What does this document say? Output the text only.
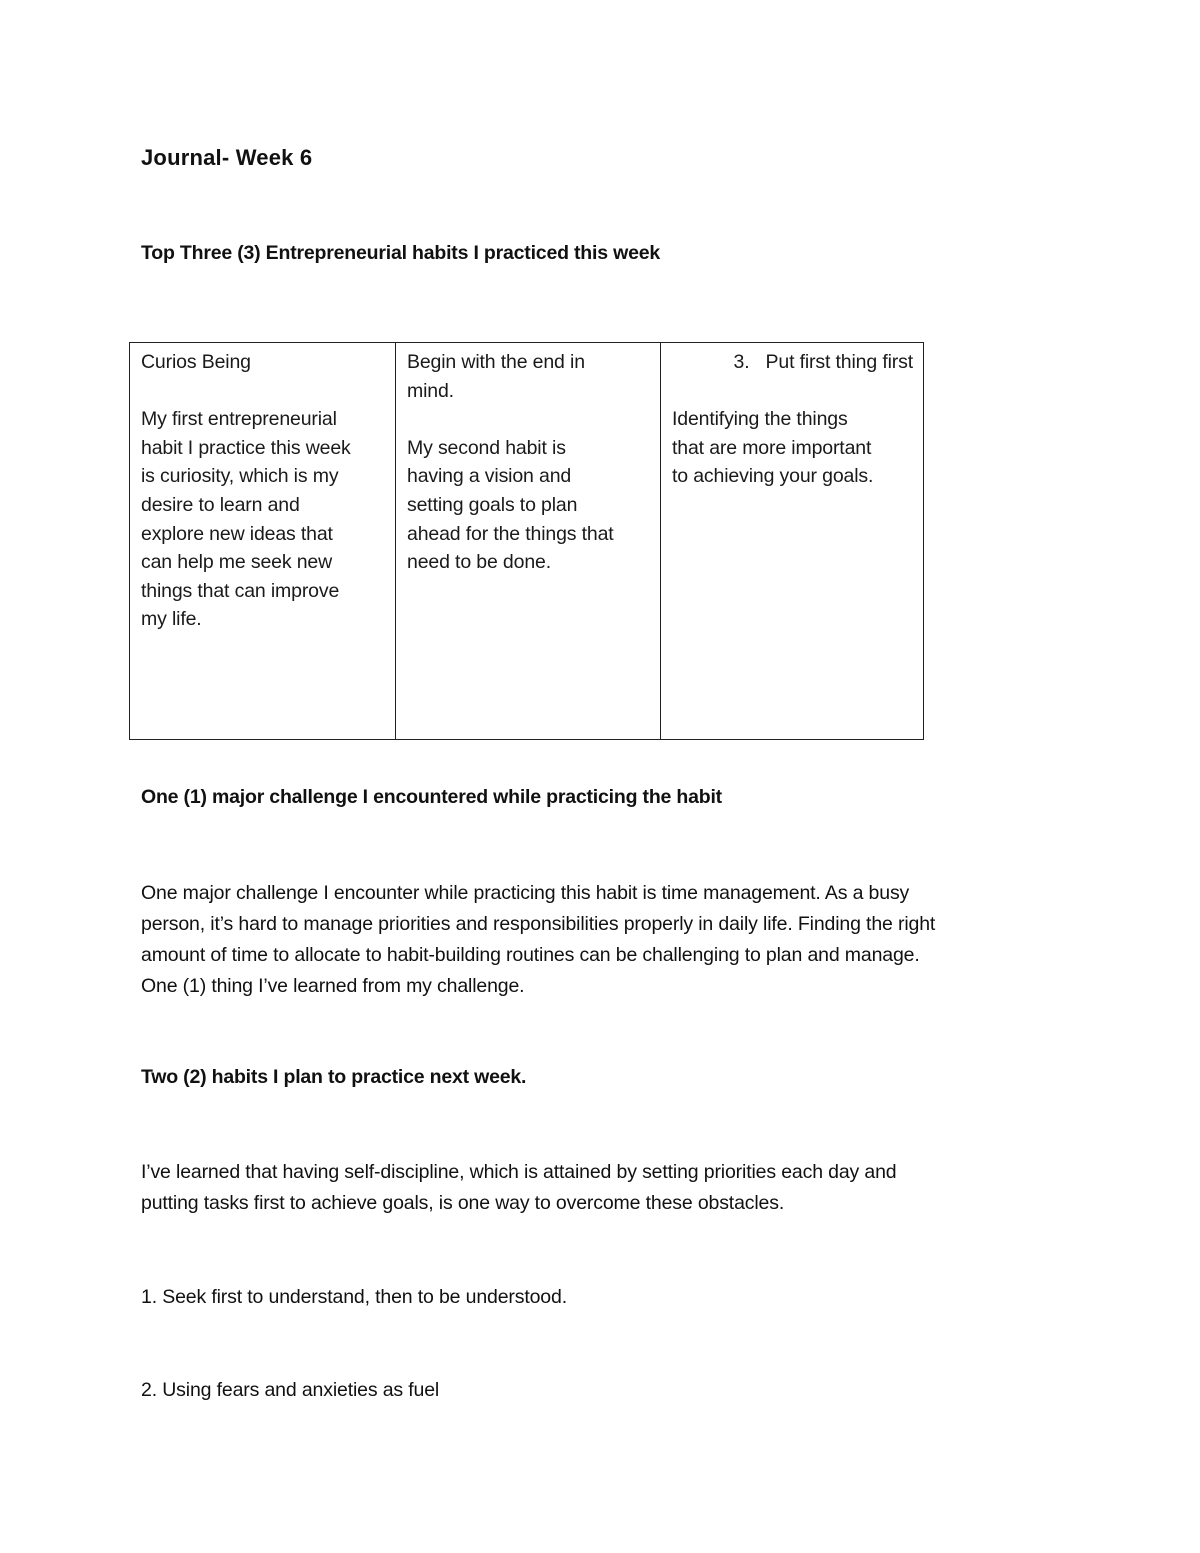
Journal- Week 6
Top Three (3) Entrepreneurial habits I practiced this week
Curios Being
My first entrepreneurial
habit I practice this week
is curiosity, which is my
desire to learn and
explore new ideas that
can help me seek new
things that can improve
my life.
Begin with the end in
mind.
My second habit is
having a vision and
setting goals to plan
ahead for the things that
need to be done.
3. Put first thing first
Identifying the things
that are more important
to achieving your goals.
One (1) major challenge I encountered while practicing the habit
One major challenge I encounter while practicing this habit is time management. As a busy
person, it’s hard to manage priorities and responsibilities properly in daily life. Finding the right
amount of time to allocate to habit-building routines can be challenging to plan and manage.
One (1) thing I’ve learned from my challenge.
Two (2) habits I plan to practice next week.
I’ve learned that having self-discipline, which is attained by setting priorities each day and
putting tasks first to achieve goals, is one way to overcome these obstacles.

1. Seek first to understand, then to be understood.

2. Using fears and anxieties as fuel
